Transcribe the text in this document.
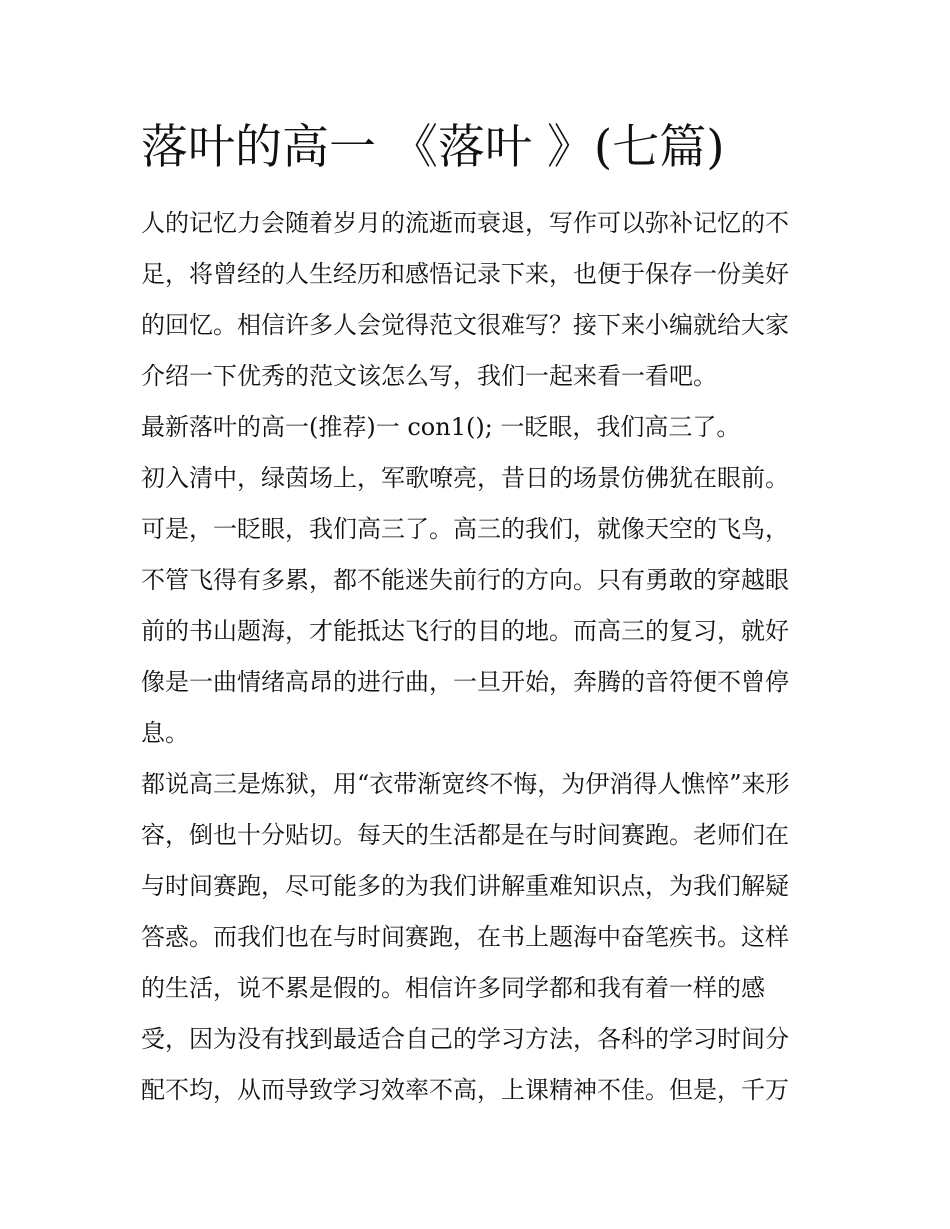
落叶的高一 《落叶 》(七篇)
人的记忆力会随着岁月的流逝而衰退，写作可以弥补记忆的不
足，将曾经的人生经历和感悟记录下来，也便于保存一份美好
的回忆。相信许多人会觉得范文很难写？接下来小编就给大家
介绍一下优秀的范文该怎么写，我们一起来看一看吧。
最新落叶的高一(推荐)一 con1(); 一眨眼，我们高三了。
初入清中，绿茵场上，军歌嘹亮，昔日的场景仿佛犹在眼前。
可是，一眨眼，我们高三了。高三的我们，就像天空的飞鸟，
不管飞得有多累，都不能迷失前行的方向。只有勇敢的穿越眼
前的书山题海，才能抵达飞行的目的地。而高三的复习，就好
像是一曲情绪高昂的进行曲，一旦开始，奔腾的音符便不曾停
息。
都说高三是炼狱，用“衣带渐宽终不悔，为伊消得人憔悴”来形
容，倒也十分贴切。每天的生活都是在与时间赛跑。老师们在
与时间赛跑，尽可能多的为我们讲解重难知识点，为我们解疑
答惑。而我们也在与时间赛跑，在书上题海中奋笔疾书。这样
的生活，说不累是假的。相信许多同学都和我有着一样的感
受，因为没有找到最适合自己的学习方法，各科的学习时间分
配不均，从而导致学习效率不高，上课精神不佳。但是，千万
